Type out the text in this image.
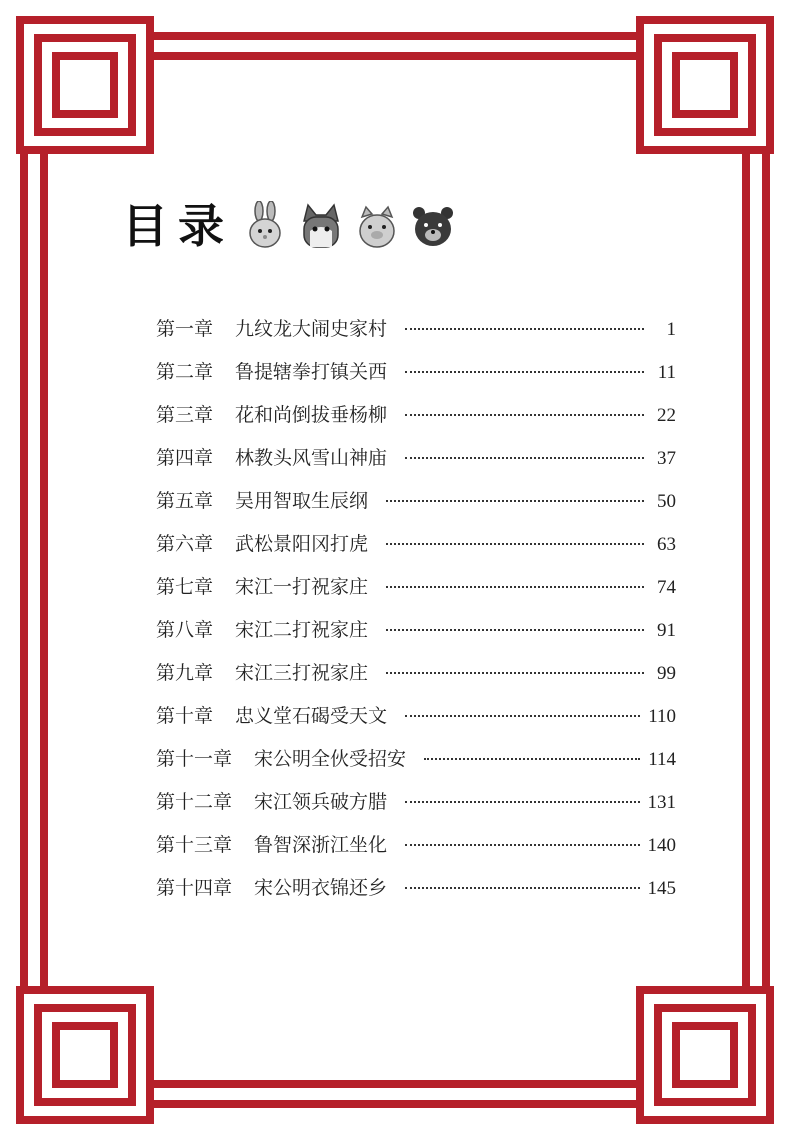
目录
第一章 九纹龙大闹史家村	1
第二章 鲁提辖拳打镇关西	11
第三章 花和尚倒拔垂杨柳	22
第四章 林教头风雪山神庙	37
第五章 吴用智取生辰纲	50
第六章 武松景阳冈打虎	63
第七章 宋江一打祝家庄	74
第八章 宋江二打祝家庄	91
第九章 宋江三打祝家庄	99
第十章 忠义堂石碣受天文	110
第十一章 宋公明全伙受招安	114
第十二章 宋江领兵破方腊	131
第十三章 鲁智深浙江坐化	140
第十四章 宋公明衣锦还乡	145
